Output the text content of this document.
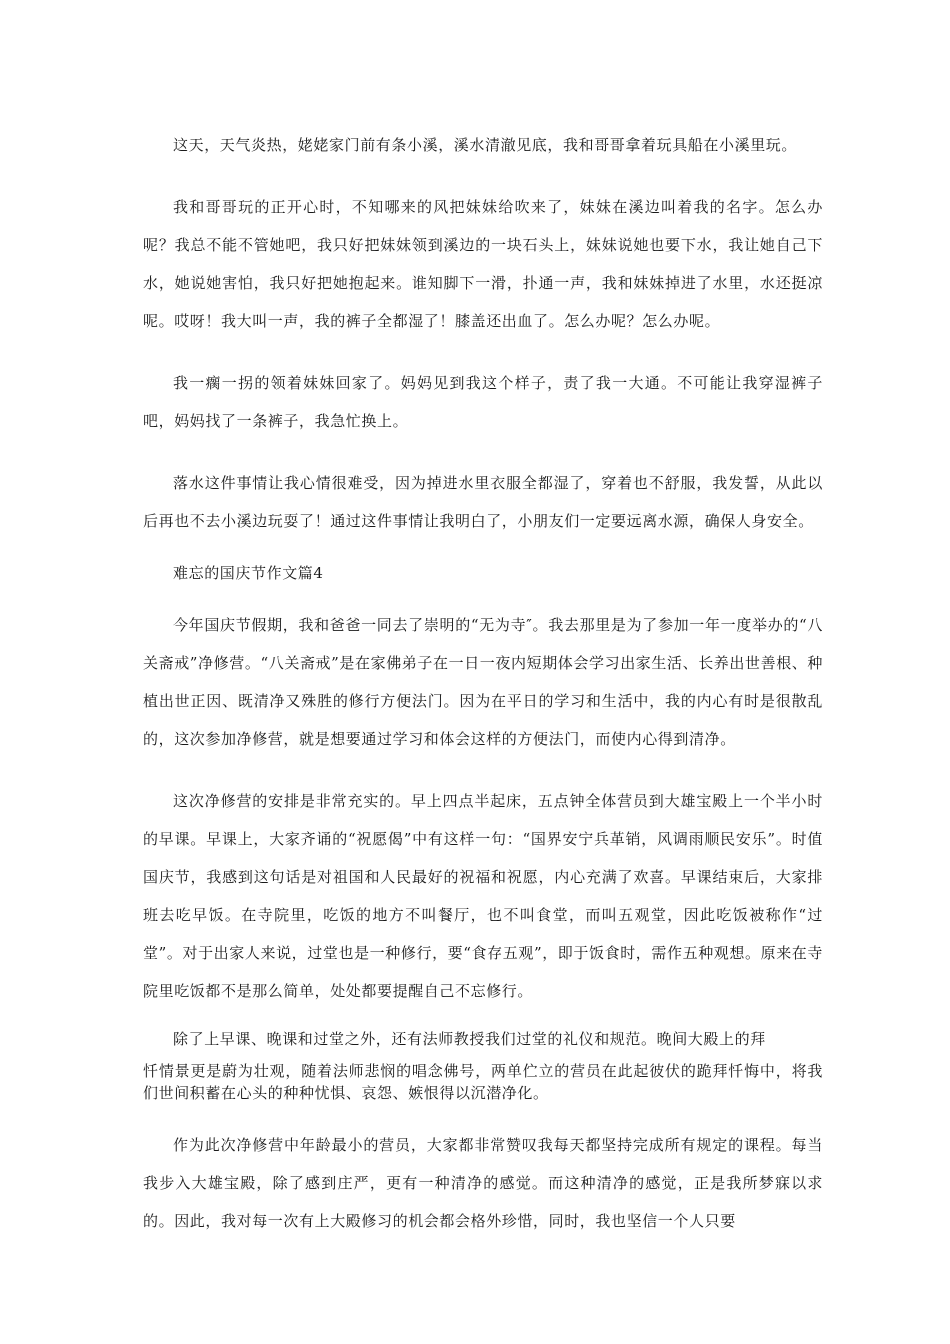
这天，天气炎热，姥姥家门前有条小溪，溪水清澈见底，我和哥哥拿着玩具船在小溪里玩。

我和哥哥玩的正开心时，不知哪来的风把妹妹给吹来了，妹妹在溪边叫着我的名字。怎么办呢？我总不能不管她吧，我只好把妹妹领到溪边的一块石头上，妹妹说她也要下水，我让她自己下水，她说她害怕，我只好把她抱起来。谁知脚下一滑，扑通一声，我和妹妹掉进了水里，水还挺凉呢。哎呀！我大叫一声，我的裤子全都湿了！膝盖还出血了。怎么办呢？怎么办呢。

我一瘸一拐的领着妹妹回家了。妈妈见到我这个样子，责了我一大通。不可能让我穿湿裤子吧，妈妈找了一条裤子，我急忙换上。

落水这件事情让我心情很难受，因为掉进水里衣服全都湿了，穿着也不舒服，我发誓，从此以后再也不去小溪边玩耍了！通过这件事情让我明白了，小朋友们一定要远离水源，确保人身安全。

难忘的国庆节作文篇4

今年国庆节假期，我和爸爸一同去了崇明的“无为寺″。我去那里是为了参加一年一度举办的“八关斋戒”净修营。“八关斋戒”是在家佛弟子在一日一夜内短期体会学习出家生活、长养出世善根、种植出世正因、既清净又殊胜的修行方便法门。因为在平日的学习和生活中，我的内心有时是很散乱的，这次参加净修营，就是想要通过学习和体会这样的方便法门，而使内心得到清净。

这次净修营的安排是非常充实的。早上四点半起床，五点钟全体营员到大雄宝殿上一个半小时的早课。早课上，大家齐诵的“祝愿偈”中有这样一句：“国界安宁兵革销，风调雨顺民安乐”。时值国庆节，我感到这句话是对祖国和人民最好的祝福和祝愿，内心充满了欢喜。早课结束后，大家排班去吃早饭。在寺院里，吃饭的地方不叫餐厅，也不叫食堂，而叫五观堂，因此吃饭被称作“过堂”。对于出家人来说，过堂也是一种修行，要“食存五观”，即于饭食时，需作五种观想。原来在寺院里吃饭都不是那么简单，处处都要提醒自己不忘修行。

除了上早课、晚课和过堂之外，还有法师教授我们过堂的礼仪和规范。晚间大殿上的拜
忏情景更是蔚为壮观，随着法师悲悯的唱念佛号，两单伫立的营员在此起彼伏的跪拜忏悔中，将我们世间积蓄在心头的种种忧惧、哀怨、嫉恨得以沉潜净化。

作为此次净修营中年龄最小的营员，大家都非常赞叹我每天都坚持完成所有规定的课程。每当我步入大雄宝殿，除了感到庄严，更有一种清净的感觉。而这种清净的感觉，正是我所梦寐以求的。因此，我对每一次有上大殿修习的机会都会格外珍惜，同时，我也坚信一个人只要
